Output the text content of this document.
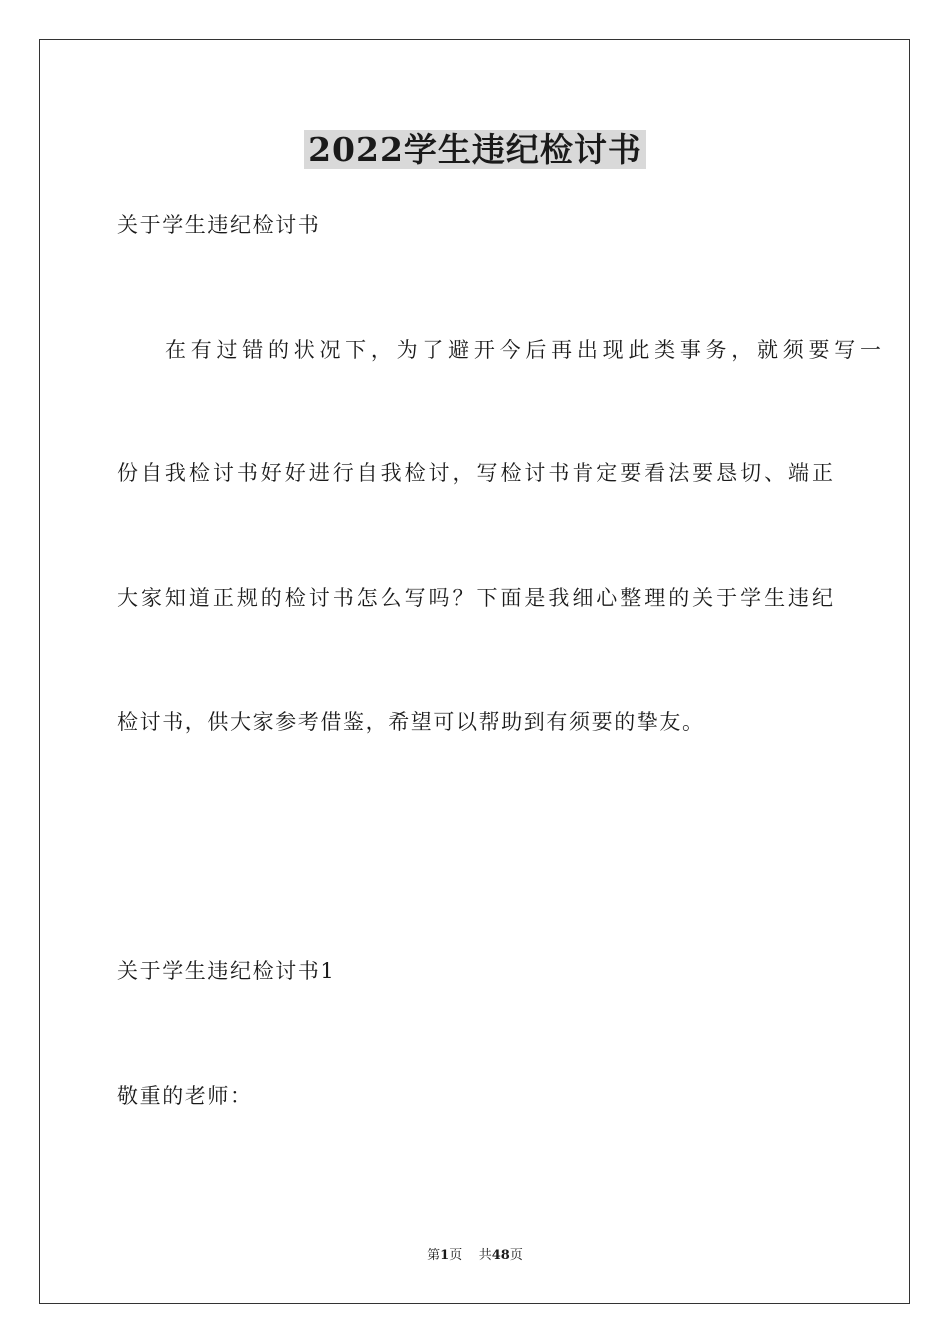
2022学生违纪检讨书

关于学生违纪检讨书

在有过错的状况下，为了避开今后再出现此类事务，就须要写一

份自我检讨书好好进行自我检讨，写检讨书肯定要看法要恳切、端正

大家知道正规的检讨书怎么写吗？下面是我细心整理的关于学生违纪

检讨书，供大家参考借鉴，希望可以帮助到有须要的挚友。

关于学生违纪检讨书1

敬重的老师：

第1页 共48页
